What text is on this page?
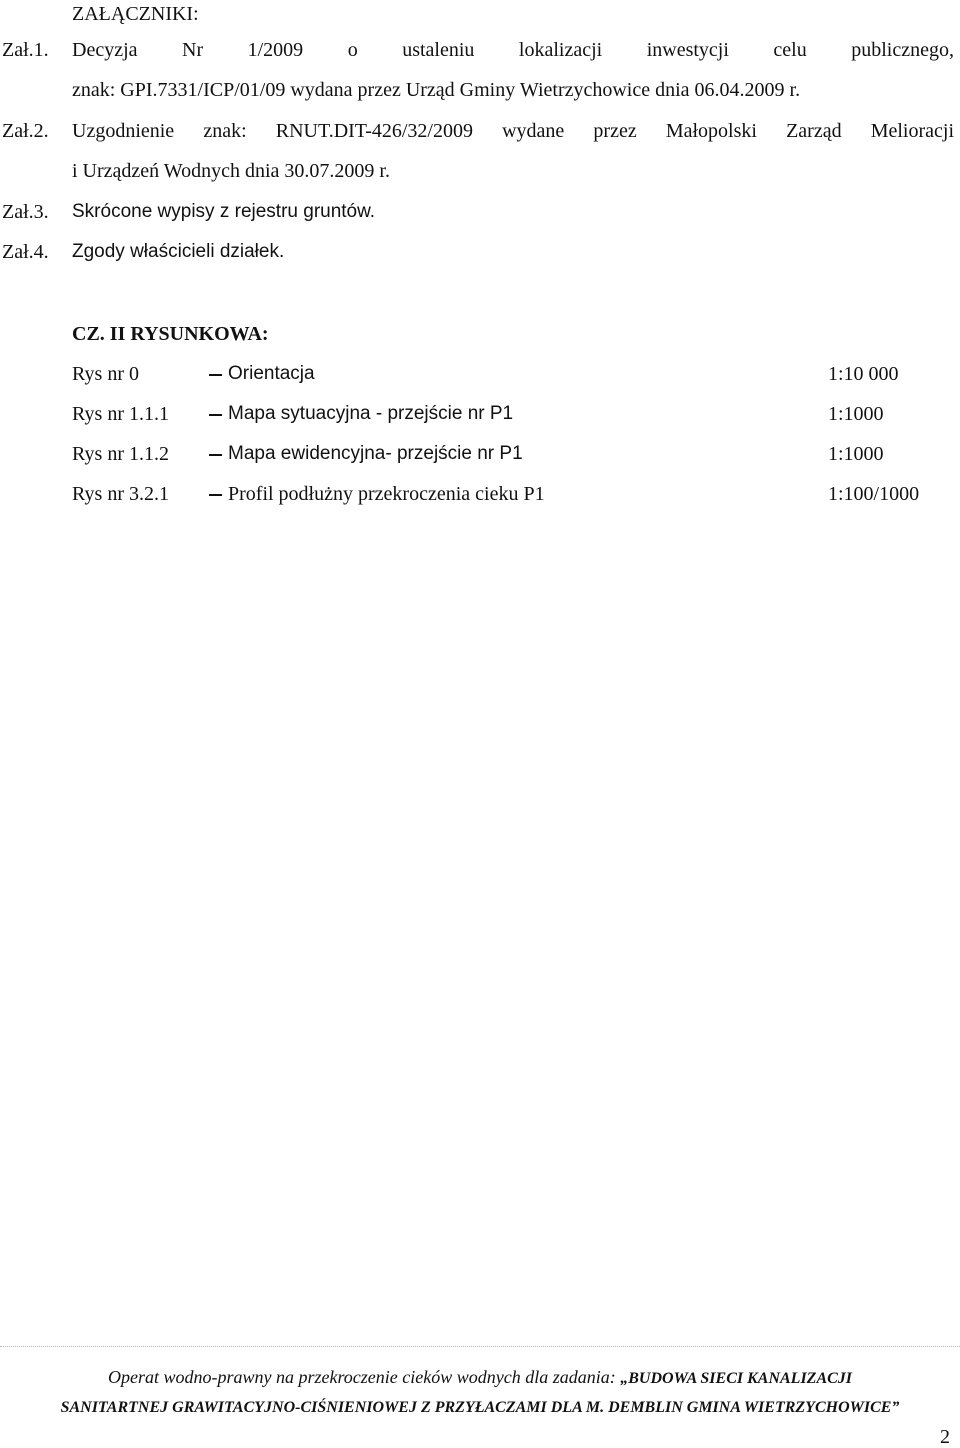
ZAŁĄCZNIKI:
Zał.1. Decyzja Nr 1/2009 o ustaleniu lokalizacji inwestycji celu publicznego,
znak: GPI.7331/ICP/01/09 wydana przez Urząd Gminy Wietrzychowice dnia 06.04.2009 r.
Zał.2. Uzgodnienie znak: RNUT.DIT-426/32/2009 wydane przez Małopolski Zarząd Melioracji
i Urządzeń Wodnych dnia 30.07.2009 r.
Zał.3. Skrócone wypisy z rejestru gruntów.
Zał.4. Zgody właścicieli działek.
CZ. II RYSUNKOWA:
Rys nr 0	Orientacja	1:10 000
Rys nr 1.1.1	Mapa sytuacyjna - przejście nr P1	1:1000
Rys nr 1.1.2	Mapa ewidencyjna- przejście nr P1	1:1000
Rys nr 3.2.1	Profil podłużny przekroczenia cieku P1	1:100/1000
Operat wodno-prawny na przekroczenie cieków wodnych dla zadania: „BUDOWA SIECI KANALIZACJI
SANITARTNEJ GRAWITACYJNO-CIŚNIENIOWEJ Z PRZYŁACZAMI DLA M. DEMBLIN GMINA WIETRZYCHOWICE”
2
